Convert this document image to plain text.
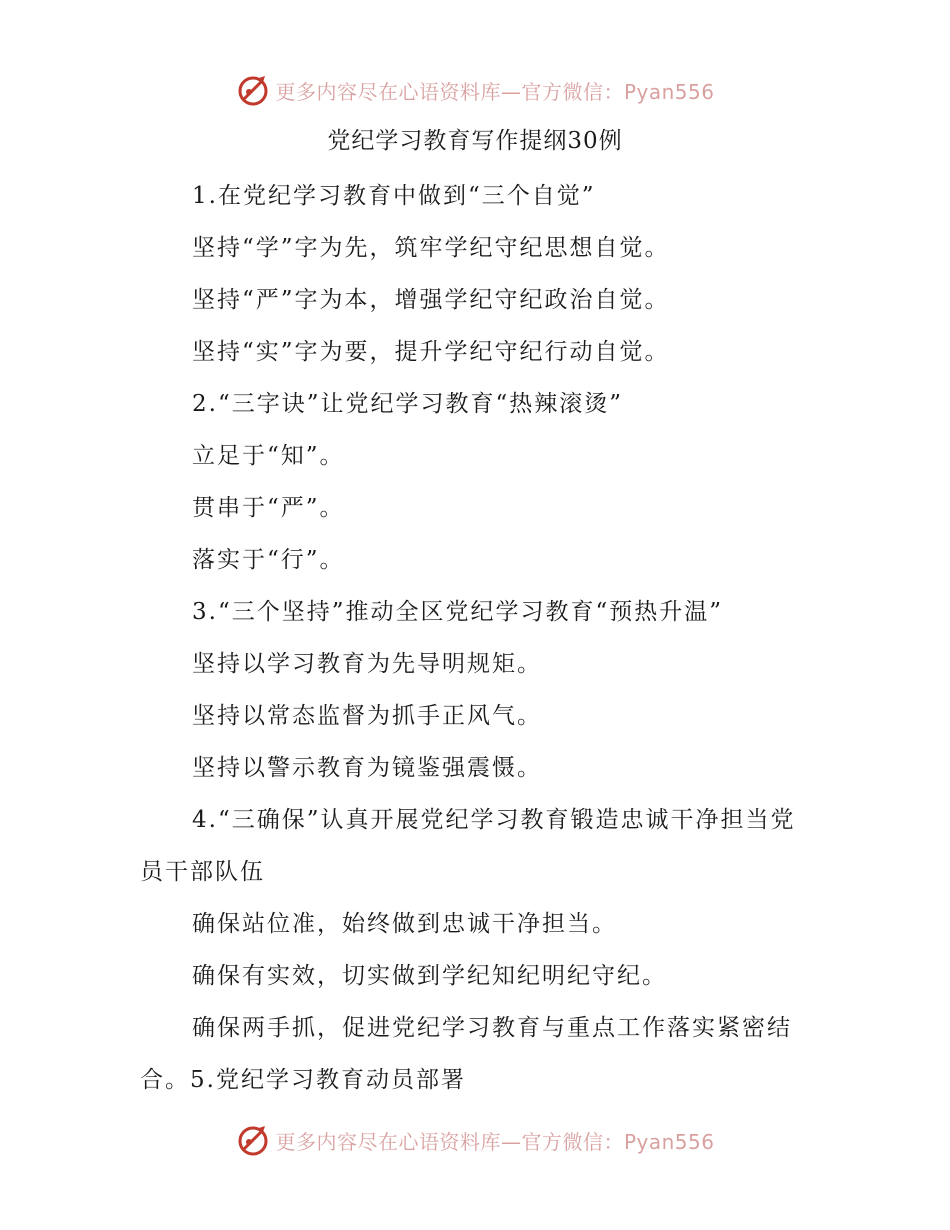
更多内容尽在心语资料库—官方微信：Pyan556
党纪学习教育写作提纲30例

1.在党纪学习教育中做到“三个自觉”

坚持“学”字为先，筑牢学纪守纪思想自觉。

坚持“严”字为本，增强学纪守纪政治自觉。

坚持“实”字为要，提升学纪守纪行动自觉。

2.“三字诀”让党纪学习教育“热辣滚烫”

立足于“知”。

贯串于“严”。

落实于“行”。

3.“三个坚持”推动全区党纪学习教育“预热升温”

坚持以学习教育为先导明规矩。

坚持以常态监督为抓手正风气。

坚持以警示教育为镜鉴强震慑。

4.“三确保”认真开展党纪学习教育锻造忠诚干净担当党员干部队伍

确保站位准，始终做到忠诚干净担当。

确保有实效，切实做到学纪知纪明纪守纪。

确保两手抓，促进党纪学习教育与重点工作落实紧密结合。5.党纪学习教育动员部署

更多内容尽在心语资料库—官方微信：Pyan556
